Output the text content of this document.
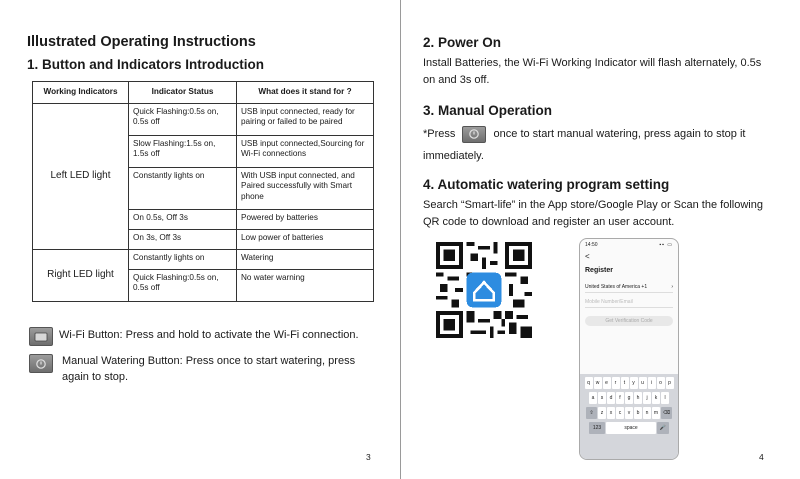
Illustrated Operating Instructions
1. Button and Indicators Introduction
Working Indicators	Indicator Status	What does it stand for ?
Left LED light	Quick Flashing:0.5s on, 0.5s off	USB input connected, ready for pairing or failed to be paired
	Slow Flashing:1.5s on, 1.5s off	USB input connected,Sourcing for Wi-Fi connections
	Constantly lights on	With USB input connected, and Paired successfully with Smart phone
	On 0.5s, Off 3s	Powered by batteries
	On 3s, Off 3s	Low power of batteries
Right LED light	Constantly lights on	Watering
	Quick Flashing:0.5s on, 0.5s off	No water warning
Wi-Fi Button: Press and hold to activate the Wi-Fi connection.
Manual Watering Button: Press once to start watering, press again to stop.
3
2. Power On

Install Batteries, the Wi-Fi Working Indicator will flash alternately, 0.5s on and 3s off.

3. Manual Operation

*Press	once to start manual watering, press again to stop it immediately.

4. Automatic watering program setting

Search “Smart-life” in the App store/Google Play or Scan the following QR code to download and register an user account.

14:50	▪▪ ▭
<
Register
United States of America +1	›
Mobile Number/Email
Get Verification Code
q	w	e	r	t	y	u	i	o	p
a	s	d	f	g	h	j	k	l
⇧	z	x	c	v	b	n	m ⌫
123	space	🎤
4
